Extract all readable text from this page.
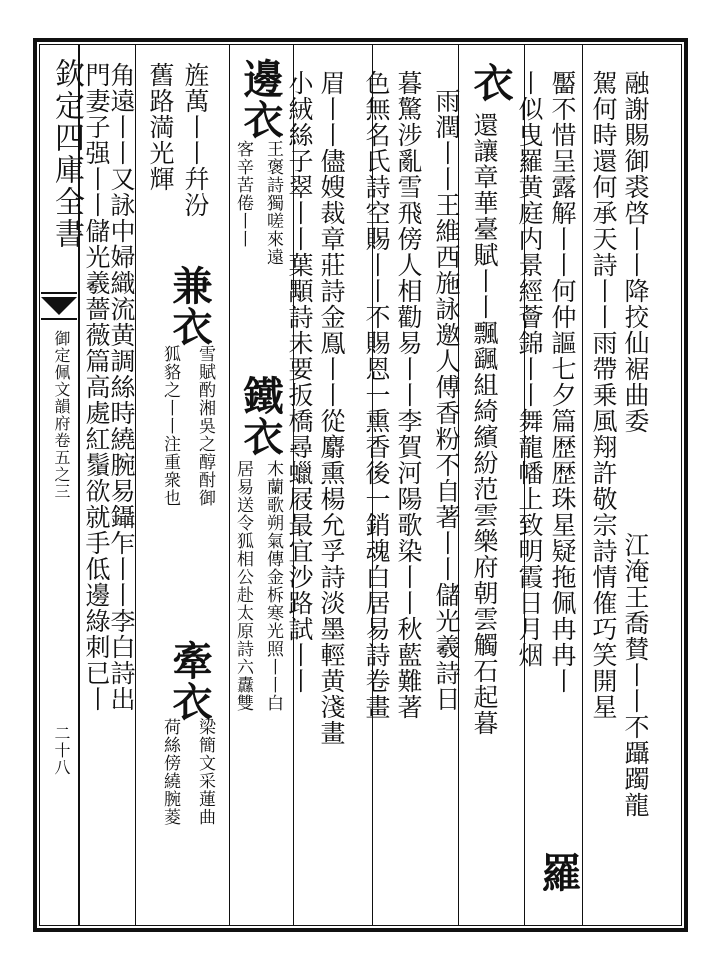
欽定四庫全書
御定佩文韻府
卷五之三
二十八
融謝賜御裘啓丨丨降挍仙裾曲委
江淹王喬賛丨丨不躡躅龍
駕何時還何承天詩丨丨雨帶乗風翔許敬宗詩情傕巧笑開星
靨不惜呈露解丨丨何仲謳七夕篇歴歴珠星疑拖佩冉冉丨
羅
丨似曳羅黄庭内景經薈錦丨丨舞龍幡上致明霞日月烟
衣
雨潤丨丨王維西施詠邀人傅香粉不自著丨丨儲光羲詩日 還讓章華臺賦丨丨飄颻組綺繽紛范雲樂府朝雲觸石起暮
暮驚涉亂雪飛傍人相勸易丨丨李賀河陽歌染丨丨秋藍難著
色無名氏詩空賜丨丨不賜恩一熏香後一銷魂白居易詩卷畫
眉丨丨儘嫂裁章莊詩金鳯丨丨從麝熏楊允孚詩淡墨輕黄淺畫
小絨絲子翠丨丨葉顒詩未要扳橋尋蠟屐最宜沙路試丨丨
邊衣
王褒詩獨嗟來遠
客辛苦倦丨丨
鐵衣
木蘭歌朔氣傳金柝寒光照丨丨白
居易送令狐相公赴太原詩六纛雙
旌萬丨丨幷汾
兼衣
雪賦酌湘吳之醇酎御
狐貉之丨丨注重衆也
牽衣
梁簡文采蓮曲
荷絲傍繞腕菱
舊路満光輝
角遠丨丨又詠中婦織流黄調絲時繞腕易鑷乍丨丨李白詩出
門妻子强丨丨儲光羲薔薇篇高處紅鬚欲就手低邊綠刺已丨
